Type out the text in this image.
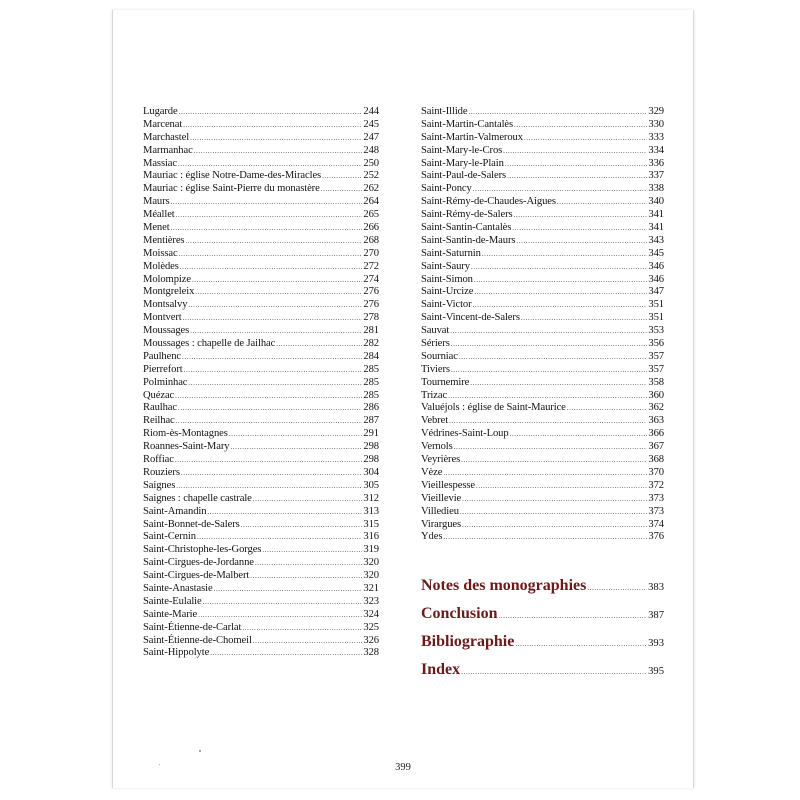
Lugarde .....	244
Marcenat .....	245
Marchastel .....	247
Marmanhac .....	248
Massiac .....	250
Mauriac : église Notre-Dame-des-Miracles .....	252
Mauriac : église Saint-Pierre du monastère .....	262
Maurs .....	264
Méallet .....	265
Menet .....	266
Mentières .....	268
Moissac .....	270
Molèdes .....	272
Molompize .....	274
Montgreleix .....	276
Montsalvy .....	276
Montvert .....	278
Moussages .....	281
Moussages : chapelle de Jailhac .....	282
Paulhenc .....	284
Pierrefort .....	285
Polminhac .....	285
Quézac .....	285
Raulhac .....	286
Reilhac .....	287
Riom-ès-Montagnes .....	291
Roannes-Saint-Mary .....	298
Roffiac .....	298
Rouziers .....	304
Saignes .....	305
Saignes : chapelle castrale .....	312
Saint-Amandin .....	313
Saint-Bonnet-de-Salers .....	315
Saint-Cernin .....	316
Saint-Christophe-les-Gorges .....	319
Saint-Cirgues-de-Jordanne .....	320
Saint-Cirgues-de-Malbert .....	320
Sainte-Anastasie .....	321
Sainte-Eulalie .....	323
Sainte-Marie .....	324
Saint-Étienne-de-Carlat .....	325
Saint-Étienne-de-Chomeil .....	326
Saint-Hippolyte .....	328
Saint-Illide .....	329
Saint-Martin-Cantalès .....	330
Saint-Martin-Valmeroux .....	333
Saint-Mary-le-Cros .....	334
Saint-Mary-le-Plain .....	336
Saint-Paul-de-Salers .....	337
Saint-Poncy .....	338
Saint-Rémy-de-Chaudes-Aigues .....	340
Saint-Rémy-de-Salers .....	341
Saint-Santin-Cantalès .....	341
Saint-Santin-de-Maurs .....	343
Saint-Saturnin .....	345
Saint-Saury .....	346
Saint-Simon .....	346
Saint-Urcize .....	347
Saint-Victor .....	351
Saint-Vincent-de-Salers .....	351
Sauvat .....	353
Sériers .....	356
Sourniac .....	357
Tiviers .....	357
Tournemire .....	358
Trizac .....	360
Valuéjols : église de Saint-Maurice .....	362
Vebret .....	363
Védrines-Saint-Loup .....	366
Vernols .....	367
Veyrières .....	368
Vèze .....	370
Vieillespesse .....	372
Vieillevie .....	373
Villedieu .....	373
Virargues .....	374
Ydes .....	376
Notes des monographies .....	383
Conclusion .....	387
Bibliographie .....	393
Index .....	395
399
